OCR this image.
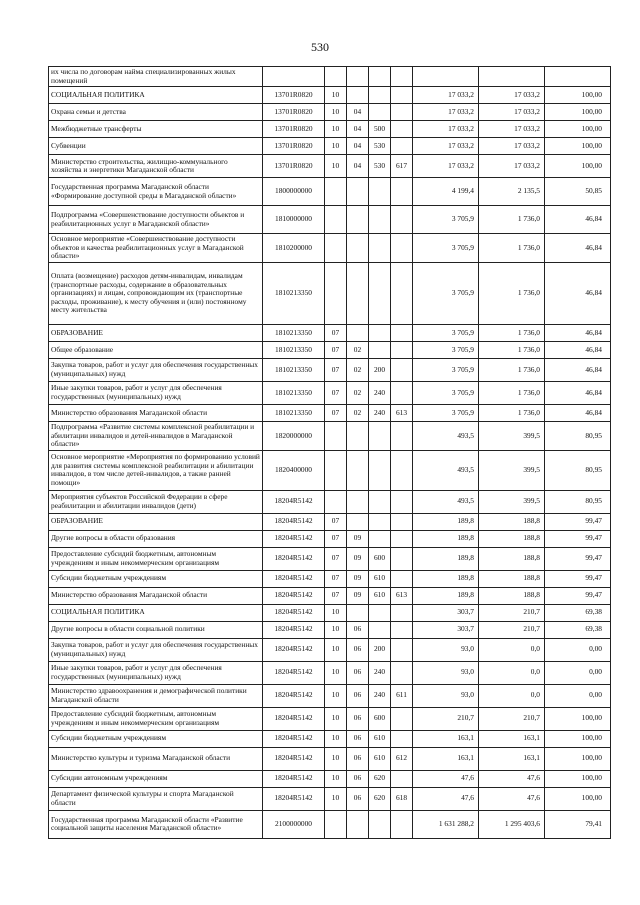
530
их числа по договорам найма специализированных жилых помещений								
СОЦИАЛЬНАЯ ПОЛИТИКА	13701R0820	10				17 033,2	17 033,2	100,00
Охрана семьи и детства	13701R0820	10	04			17 033,2	17 033,2	100,00
Межбюджетные трансферты	13701R0820	10	04	500		17 033,2	17 033,2	100,00
Субвенции	13701R0820	10	04	530		17 033,2	17 033,2	100,00
Министерство строительства, жилищно-коммунального хозяйства и энергетики Магаданской области	13701R0820	10	04	530	617	17 033,2	17 033,2	100,00
Государственная программа Магаданской области «Формирование доступной среды в Магаданской области»	1800000000					4 199,4	2 135,5	50,85
Подпрограмма «Совершенствование доступности объектов и реабилитационных услуг в Магаданской области»	1810000000					3 705,9	1 736,0	46,84
Основное мероприятие «Совершенствование доступности объектов и качества реабилитационных услуг в Магаданской области»	1810200000					3 705,9	1 736,0	46,84
Оплата (возмещение) расходов детям-инвалидам, инвалидам (транспортные расходы, содержание в образовательных организациях) и лицам, сопровождающим их (транспортные расходы, проживание), к месту обучения и (или) постоянному месту жительства	1810213350					3 705,9	1 736,0	46,84
ОБРАЗОВАНИЕ	1810213350	07				3 705,9	1 736,0	46,84
Общее образование	1810213350	07	02			3 705,9	1 736,0	46,84
Закупка товаров, работ и услуг для обеспечения государственных (муниципальных) нужд	1810213350	07	02	200		3 705,9	1 736,0	46,84
Иные закупки товаров, работ и услуг для обеспечения государственных (муниципальных) нужд	1810213350	07	02	240		3 705,9	1 736,0	46,84
Министерство образования Магаданской области	1810213350	07	02	240	613	3 705,9	1 736,0	46,84
Подпрограмма «Развитие системы комплексной реабилитации и абилитации инвалидов и детей-инвалидов в Магаданской области»	1820000000					493,5	399,5	80,95
Основное мероприятие «Мероприятия по формированию условий для развития системы комплексной реабилитации и абилитации инвалидов, в том числе детей-инвалидов, а также ранней помощи»	1820400000					493,5	399,5	80,95
Мероприятия субъектов Российской Федерации в сфере реабилитации и абилитации инвалидов (дети)	18204R5142					493,5	399,5	80,95
ОБРАЗОВАНИЕ	18204R5142	07				189,8	188,8	99,47
Другие вопросы в области образования	18204R5142	07	09			189,8	188,8	99,47
Предоставление субсидий бюджетным, автономным учреждениям и иным некоммерческим организациям	18204R5142	07	09	600		189,8	188,8	99,47
Субсидии бюджетным учреждениям	18204R5142	07	09	610		189,8	188,8	99,47
Министерство образования Магаданской области	18204R5142	07	09	610	613	189,8	188,8	99,47
СОЦИАЛЬНАЯ ПОЛИТИКА	18204R5142	10				303,7	210,7	69,38
Другие вопросы в области социальной политики	18204R5142	10	06			303,7	210,7	69,38
Закупка товаров, работ и услуг для обеспечения государственных (муниципальных) нужд	18204R5142	10	06	200		93,0	0,0	0,00
Иные закупки товаров, работ и услуг для обеспечения государственных (муниципальных) нужд	18204R5142	10	06	240		93,0	0,0	0,00
Министерство здравоохранения и демографической политики Магаданской области	18204R5142	10	06	240	611	93,0	0,0	0,00
Предоставление субсидий бюджетным, автономным учреждениям и иным некоммерческим организациям	18204R5142	10	06	600		210,7	210,7	100,00
Субсидии бюджетным учреждениям	18204R5142	10	06	610		163,1	163,1	100,00
Министерство культуры и туризма Магаданской области	18204R5142	10	06	610	612	163,1	163,1	100,00
Субсидии автономным учреждениям	18204R5142	10	06	620		47,6	47,6	100,00
Департамент физической культуры и спорта Магаданской области	18204R5142	10	06	620	618	47,6	47,6	100,00
Государственная программа Магаданской области «Развитие социальной защиты населения Магаданской области»	2100000000					1 631 288,2	1 295 403,6	79,41
